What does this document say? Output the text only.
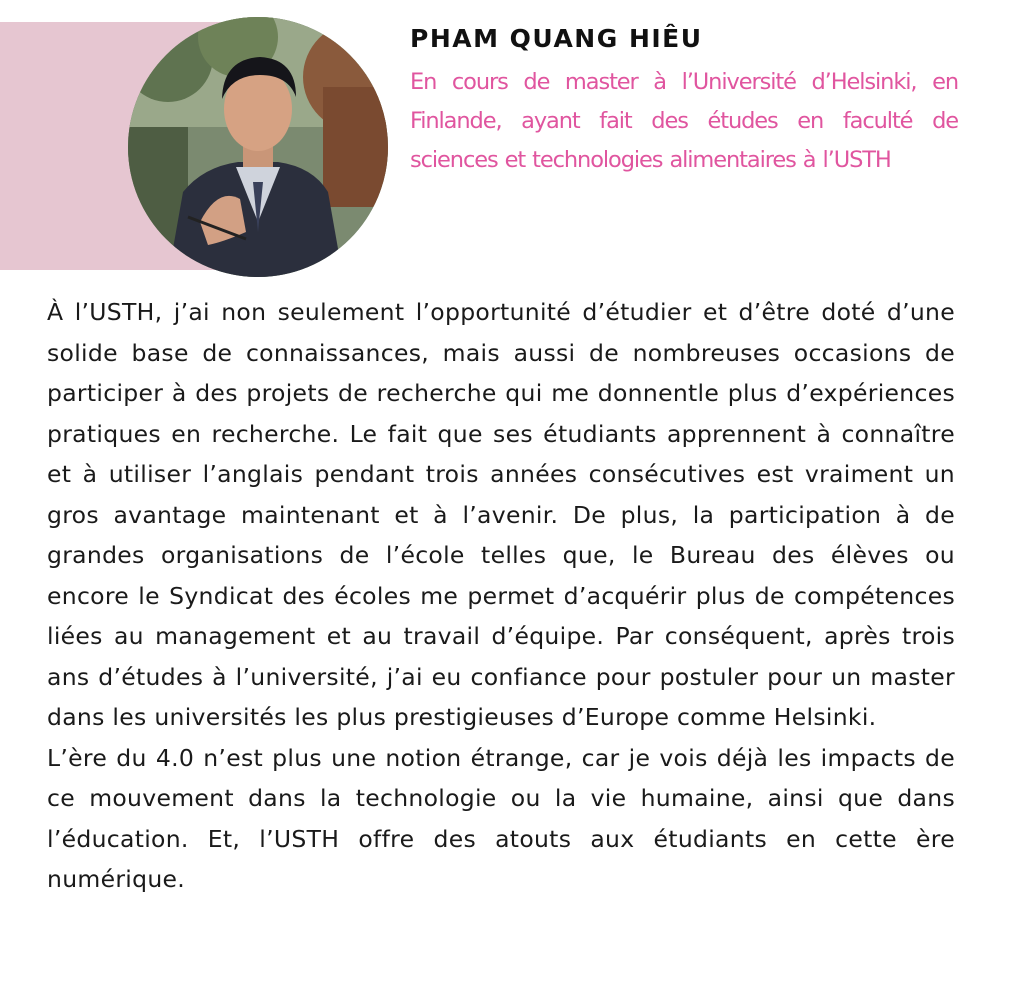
PHAM QUANG HIÊU

En cours de master à l’Université d’Helsinki, en Finlande, ayant fait des études en faculté de sciences et technologies alimentaires à l’USTH

À l’USTH, j’ai non seulement l’opportunité d’étudier et d’être doté d’une solide base de connaissances, mais aussi de nombreuses occasions de participer à des projets de recherche qui me donnentle plus d’expériences pratiques en recherche. Le fait que ses étudiants apprennent à connaître et à utiliser l’anglais pendant trois années consécutives est vraiment un gros avantage maintenant et à l’avenir. De plus, la participation à de grandes organisations de l’école telles que, le Bureau des élèves ou encore le Syndicat des écoles me permet d’acquérir plus de compétences liées au management et au travail d’équipe. Par conséquent, après trois ans d’études à l’université, j’ai eu confiance pour postuler pour un master dans les universités les plus prestigieuses d’Europe comme Helsinki.

L’ère du 4.0 n’est plus une notion étrange, car je vois déjà les impacts de ce mouvement dans la technologie ou la vie humaine, ainsi que dans l’éducation. Et, l’USTH offre des atouts aux étudiants en cette ère numérique.
